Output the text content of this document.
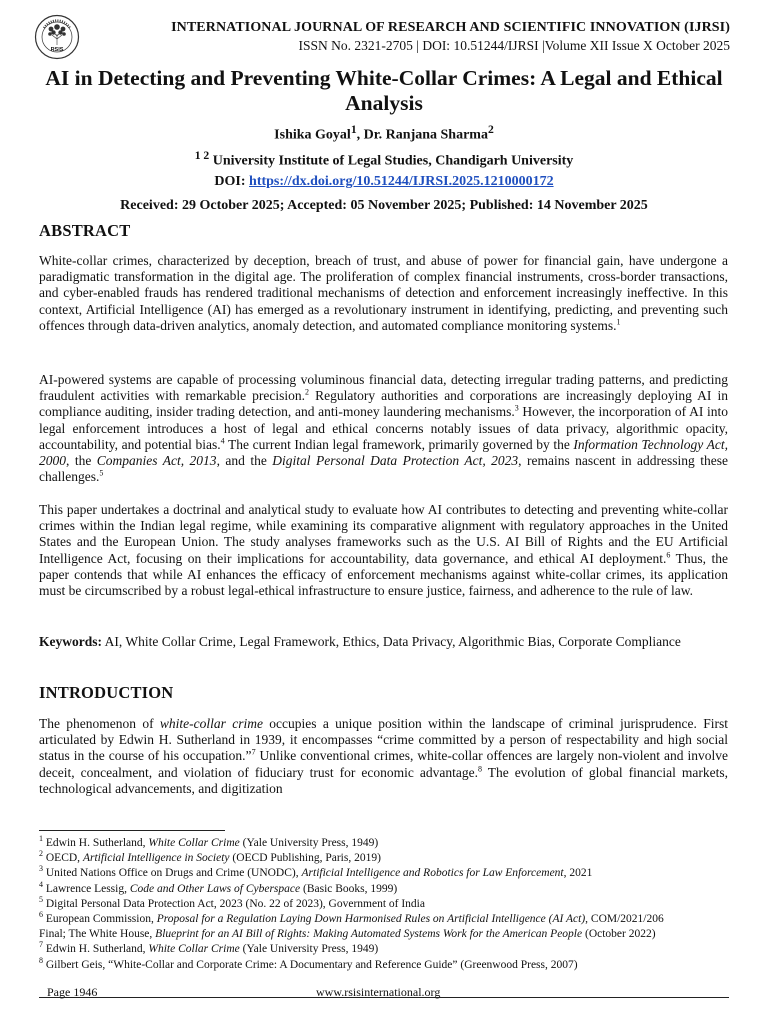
RSIS
INTERNATIONAL JOURNAL OF RESEARCH AND SCIENTIFIC INNOVATION (IJRSI)
ISSN No. 2321-2705 | DOI: 10.51244/IJRSI |Volume XII Issue X October 2025
AI in Detecting and Preventing White-Collar Crimes: A Legal and Ethical Analysis
Ishika Goyal$^1$, Dr. Ranjana Sharma$^2$
$^{1 2}$ University Institute of Legal Studies, Chandigarh University
DOI: https://dx.doi.org/10.51244/IJRSI.2025.1210000172
Received: 29 October 2025; Accepted: 05 November 2025; Published: 14 November 2025
ABSTRACT
White-collar crimes, characterized by deception, breach of trust, and abuse of power for financial gain, have undergone a paradigmatic transformation in the digital age. The proliferation of complex financial instruments, cross-border transactions, and cyber-enabled frauds has rendered traditional mechanisms of detection and enforcement increasingly ineffective. In this context, Artificial Intelligence (AI) has emerged as a revolutionary instrument in identifying, predicting, and preventing such offences through data-driven analytics, anomaly detection, and automated compliance monitoring systems.$^1$
AI-powered systems are capable of processing voluminous financial data, detecting irregular trading patterns, and predicting fraudulent activities with remarkable precision.$^2$ Regulatory authorities and corporations are increasingly deploying AI in compliance auditing, insider trading detection, and anti-money laundering mechanisms.$^3$ However, the incorporation of AI into legal enforcement introduces a host of legal and ethical concerns notably issues of data privacy, algorithmic opacity, accountability, and potential bias.$^4$ The current Indian legal framework, primarily governed by the Information Technology Act, 2000, the Companies Act, 2013, and the Digital Personal Data Protection Act, 2023, remains nascent in addressing these challenges.$^5$
This paper undertakes a doctrinal and analytical study to evaluate how AI contributes to detecting and preventing white-collar crimes within the Indian legal regime, while examining its comparative alignment with regulatory approaches in the United States and the European Union. The study analyses frameworks such as the U.S. AI Bill of Rights and the EU Artificial Intelligence Act, focusing on their implications for accountability, data governance, and ethical AI deployment.$^6$ Thus, the paper contends that while AI enhances the efficacy of enforcement mechanisms against white-collar crimes, its application must be circumscribed by a robust legal-ethical infrastructure to ensure justice, fairness, and adherence to the rule of law.
Keywords: AI, White Collar Crime, Legal Framework, Ethics, Data Privacy, Algorithmic Bias, Corporate Compliance
INTRODUCTION
The phenomenon of white-collar crime occupies a unique position within the landscape of criminal jurisprudence. First articulated by Edwin H. Sutherland in 1939, it encompasses “crime committed by a person of respectability and high social status in the course of his occupation.”$^7$ Unlike conventional crimes, white-collar offences are largely non-violent and involve deceit, concealment, and violation of fiduciary trust for economic advantage.$^8$ The evolution of global financial markets, technological advancements, and digitization
$^1$ Edwin H. Sutherland, White Collar Crime (Yale University Press, 1949)
$^2$ OECD, Artificial Intelligence in Society (OECD Publishing, Paris, 2019)
$^3$ United Nations Office on Drugs and Crime (UNODC), Artificial Intelligence and Robotics for Law Enforcement, 2021
$^4$ Lawrence Lessig, Code and Other Laws of Cyberspace (Basic Books, 1999)
$^5$ Digital Personal Data Protection Act, 2023 (No. 22 of 2023), Government of India
$^6$ European Commission, Proposal for a Regulation Laying Down Harmonised Rules on Artificial Intelligence (AI Act), COM/2021/206
Final; The White House, Blueprint for an AI Bill of Rights: Making Automated Systems Work for the American People (October 2022)
$^7$ Edwin H. Sutherland, White Collar Crime (Yale University Press, 1949)
$^8$ Gilbert Geis, “White-Collar and Corporate Crime: A Documentary and Reference Guide” (Greenwood Press, 2007)
Page 1946	www.rsisinternational.org
